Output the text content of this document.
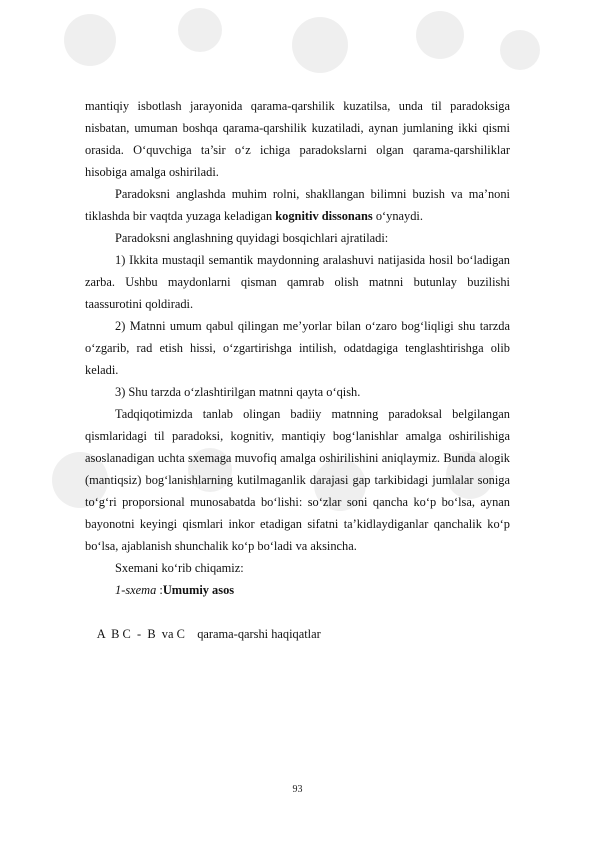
mantiqiy isbotlash jarayonida qarama-qarshilik kuzatilsa, unda til paradoksiga nisbatan, umuman boshqa qarama-qarshilik kuzatiladi, aynan jumlaning ikki qismi orasida. O‘quvchiga ta’sir o‘z ichiga paradokslarni olgan qarama-qarshiliklar hisobiga amalga oshiriladi.

Paradoksni anglashda muhim rolni, shakllangan bilimni buzish va ma’noni tiklashda bir vaqtda yuzaga keladigan kognitiv dissonans o‘ynaydi.

Paradoksni anglashning quyidagi bosqichlari ajratiladi:

1) Ikkita mustaqil semantik maydonning aralashuvi natijasida hosil bo‘ladigan zarba. Ushbu maydonlarni qisman qamrab olish matnni butunlay buzilishi taassurotini qoldiradi.

2) Matnni umum qabul qilingan me’yorlar bilan o‘zaro bog‘liqligi shu tarzda o‘zgarib, rad etish hissi, o‘zgartirishga intilish, odatdagiga tenglashtirishga olib keladi.

3) Shu tarzda o‘zlashtirilgan matnni qayta o‘qish.

Tadqiqotimizda tanlab olingan badiiy matnning paradoksal belgilangan qismlaridagi til paradoksi, kognitiv, mantiqiy bog‘lanishlar amalga oshirilishiga asoslanadigan uchta sxemaga muvofiq amalga oshirilishini aniqlaymiz. Bunda alogik (mantiqsiz) bog‘lanishlarning kutilmaganlik darajasi gap tarkibidagi jumlalar soniga to‘g‘ri proporsional munosabatda bo‘lishi: so‘zlar soni qancha ko‘p bo‘lsa, aynan bayonotni keyingi qismlari inkor etadigan sifatni ta’kidlaydiganlar qanchalik ko‘p bo‘lsa, ajablanish shunchalik ko‘p bo‘ladi va aksincha.

Sxemani ko‘rib chiqamiz:

1-sxema :Umumiy asos

A  B C  -  B  va C    qarama-qarshi haqiqatlar

93
